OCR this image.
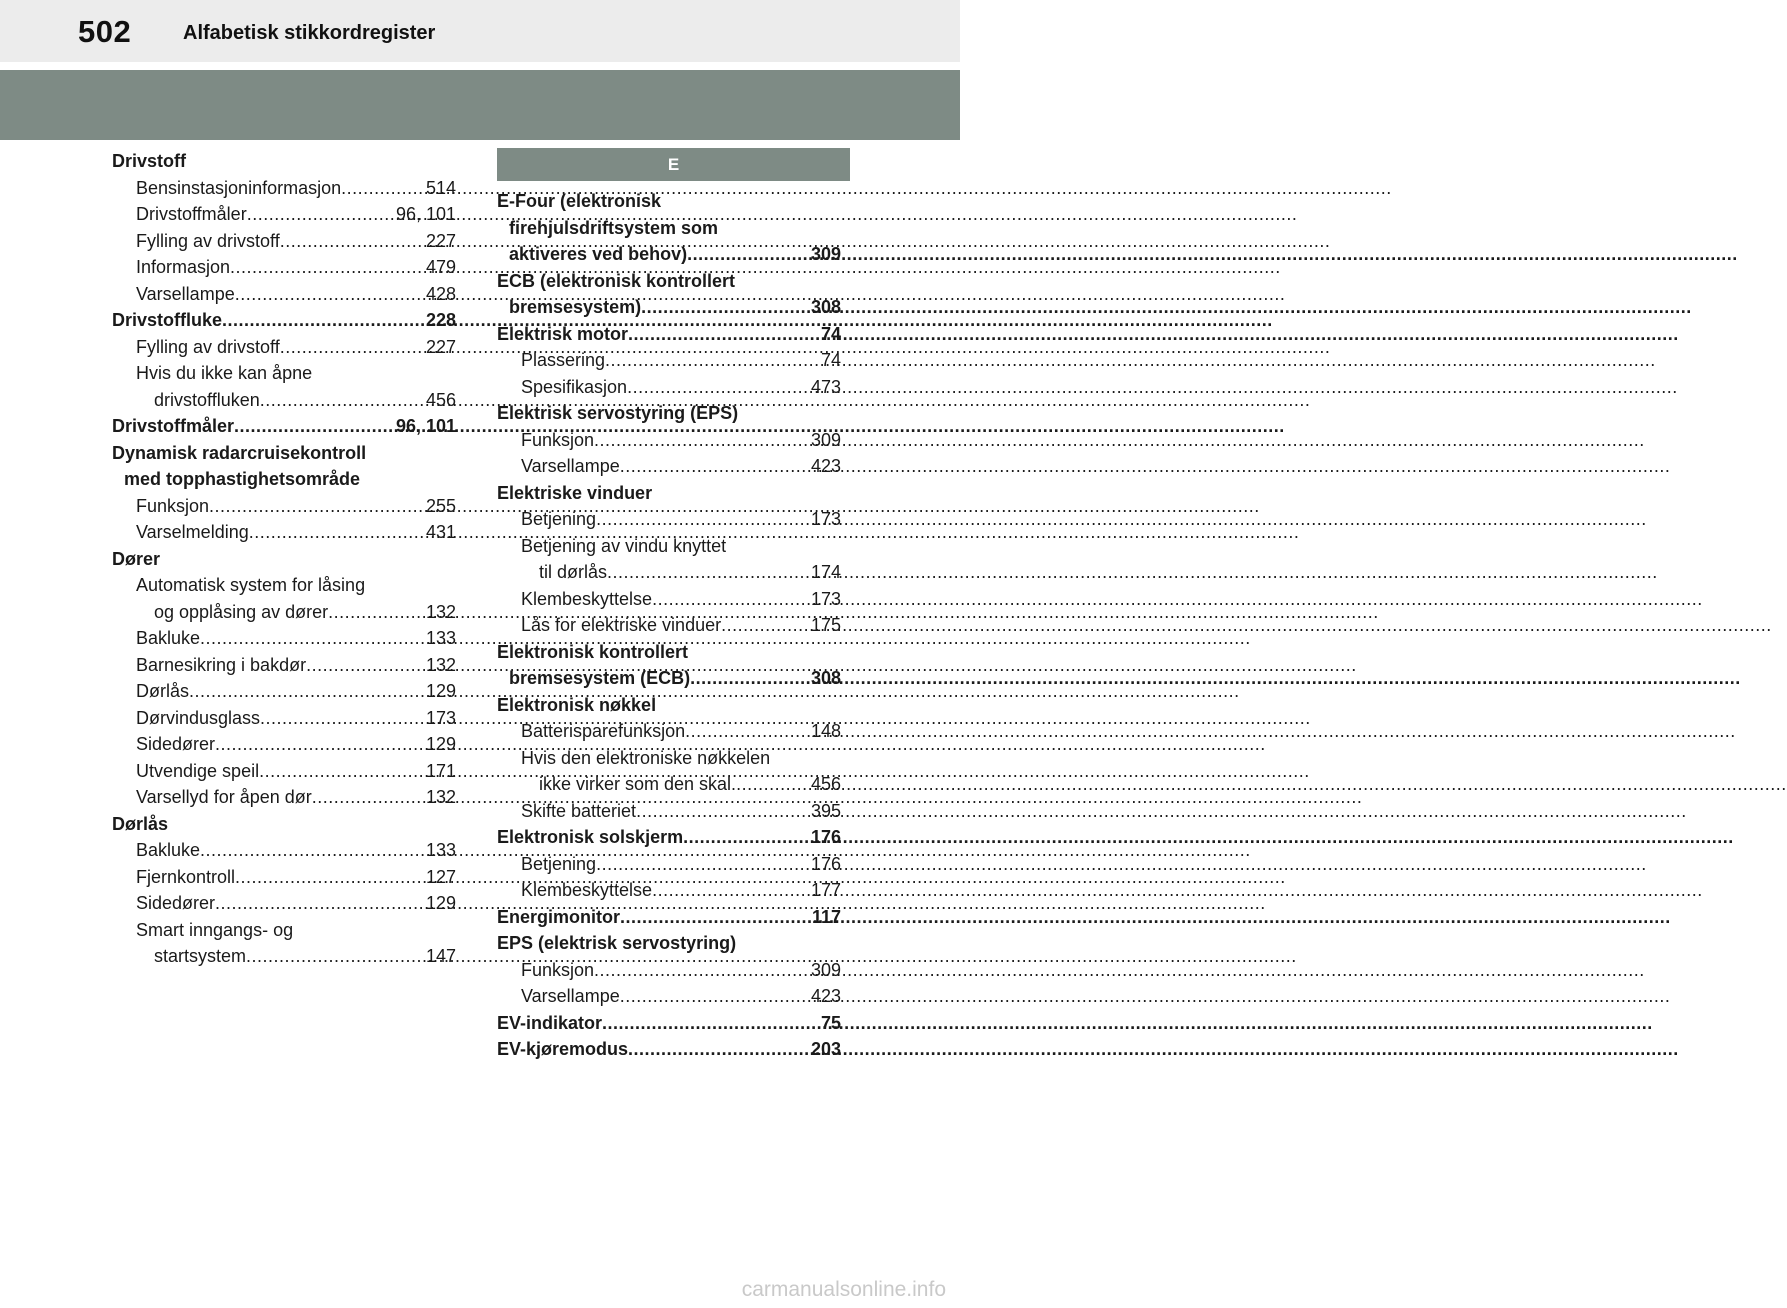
502	Alfabetisk stikkordregister
Drivstoff
Bensinstasjoninformasjon .....	514
Drivstoffmåler .....	96, 101
Fylling av drivstoff .....	227
Informasjon .....	479
Varsellampe .....	428
Drivstoffluke .....	228
Fylling av drivstoff .....	227
Hvis du ikke kan åpne
drivstoffluken .....	456
Drivstoffmåler .....	96, 101
Dynamisk radarcruisekontroll
med topphastighetsområde
Funksjon .....	255
Varselmelding .....	431
Dører
Automatisk system for låsing
og opplåsing av dører .....	132
Bakluke .....	133
Barnesikring i bakdør .....	132
Dørlås .....	129
Dørvindusglass .....	173
Sidedører .....	129
Utvendige speil .....	171
Varsellyd for åpen dør .....	132
Dørlås
Bakluke .....	133
Fjernkontroll .....	127
Sidedører .....	129
Smart inngangs- og
startsystem .....	147
E
E-Four (elektronisk
firehjulsdriftsystem som
aktiveres ved behov) .....	309
ECB (elektronisk kontrollert
bremsesystem) .....	308
Elektrisk motor .....	74
Plassering .....	74
Spesifikasjon .....	473
Elektrisk servostyring (EPS)
Funksjon .....	309
Varsellampe .....	423
Elektriske vinduer
Betjening .....	173
Betjening av vindu knyttet
til dørlås .....	174
Klembeskyttelse .....	173
Lås for elektriske vinduer .....	175
Elektronisk kontrollert
bremsesystem (ECB) .....	308
Elektronisk nøkkel
Batterisparefunksjon .....	148
Hvis den elektroniske nøkkelen
ikke virker som den skal. .....	456
Skifte batteriet .....	395
Elektronisk solskjerm .....	176
Betjening .....	176
Klembeskyttelse .....	177
Energimonitor .....	117
EPS (elektrisk servostyring)
Funksjon .....	309
Varsellampe .....	423
EV-indikator .....	75
EV-kjøremodus .....	203
carmanualsonline.info
